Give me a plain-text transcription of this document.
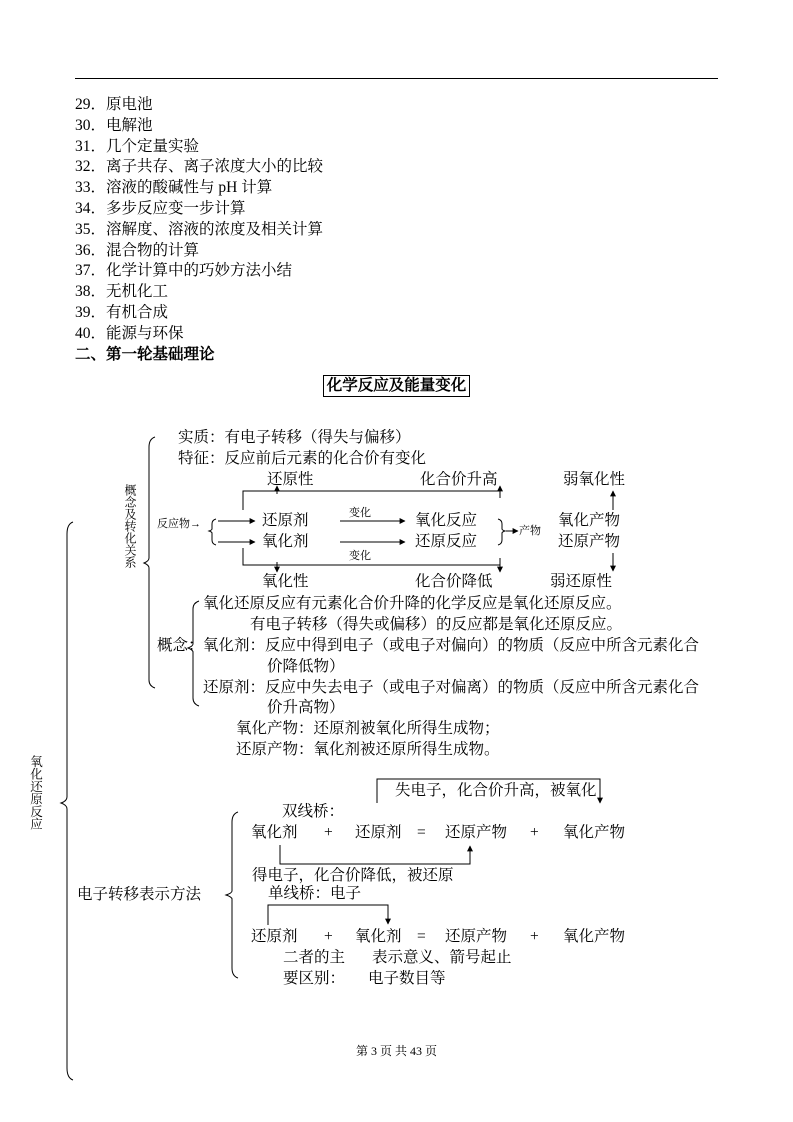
29．原电池
30．电解池
31．几个定量实验
32．离子共存、离子浓度大小的比较
33．溶液的酸碱性与 pH 计算
34．多步反应变一步计算
35．溶解度、溶液的浓度及相关计算
36．混合物的计算
37．化学计算中的巧妙方法小结
38．无机化工
39．有机合成
40．能源与环保
二、第一轮基础理论
化学反应及能量变化
氧化还原反应
概念及转化关系
实质：有电子转移（得失与偏移）
特征：反应前后元素的化合价有变化
还原性	化合价升高	弱氧化性
反应物→	还原剂	变化	氧化反应	氧化产物
氧化剂	还原反应	还原产物
变化
产物
氧化性	化合价降低	弱还原性
氧化还原反应有元素化合价升降的化学反应是氧化还原反应。
有电子转移（得失或偏移）的反应都是氧化还原反应。
概念： 氧化剂：反应中得到电子（或电子对偏向）的物质（反应中所含元素化合
价降低物）
还原剂：反应中失去电子（或电子对偏离）的物质（反应中所含元素化合
价升高物）
氧化产物：还原剂被氧化所得生成物；
还原产物：氧化剂被还原所得生成物。
失电子，化合价升高，被氧化
双线桥：
氧化剂 + 还原剂 = 还原产物 + 氧化产物
得电子，化合价降低，被还原
电子转移表示方法	单线桥：电子
还原剂 + 氧化剂 = 还原产物 + 氧化产物
二者的主 表示意义、箭号起止
要区别： 电子数目等
第 3 页 共 43 页
